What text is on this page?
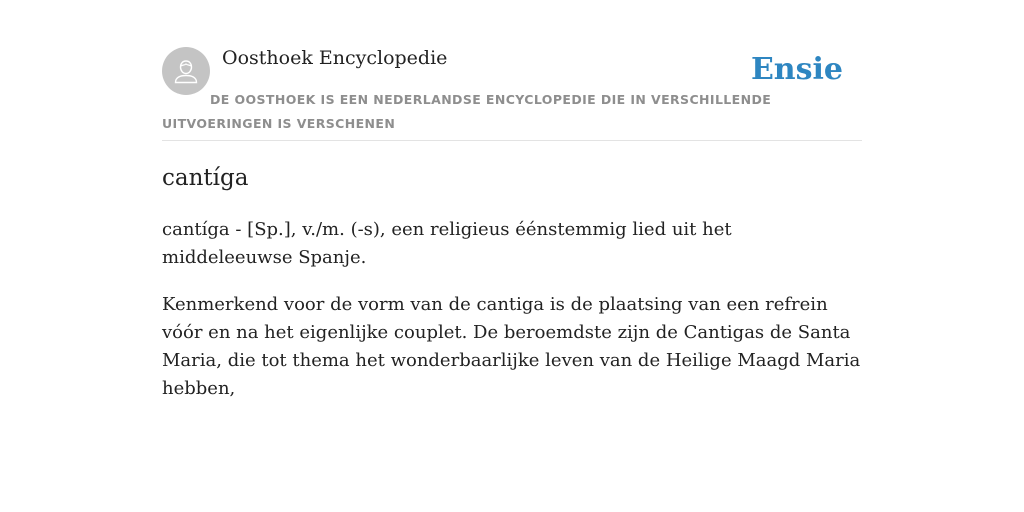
Oosthoek Encyclopedie	Ensie
DE OOSTHOEK IS EEN NEDERLANDSE ENCYCLOPEDIE DIE IN VERSCHILLENDE UITVOERINGEN IS VERSCHENEN
cantíga

cantíga - [Sp.], v./m. (-s), een religieus éénstemmig lied uit het middeleeuwse Spanje.

Kenmerkend voor de vorm van de cantiga is de plaatsing van een refrein vóór en na het eigenlijke couplet. De beroemdste zijn de Cantigas de Santa Maria, die tot thema het wonderbaarlijke leven van de Heilige Maagd Maria hebben,
